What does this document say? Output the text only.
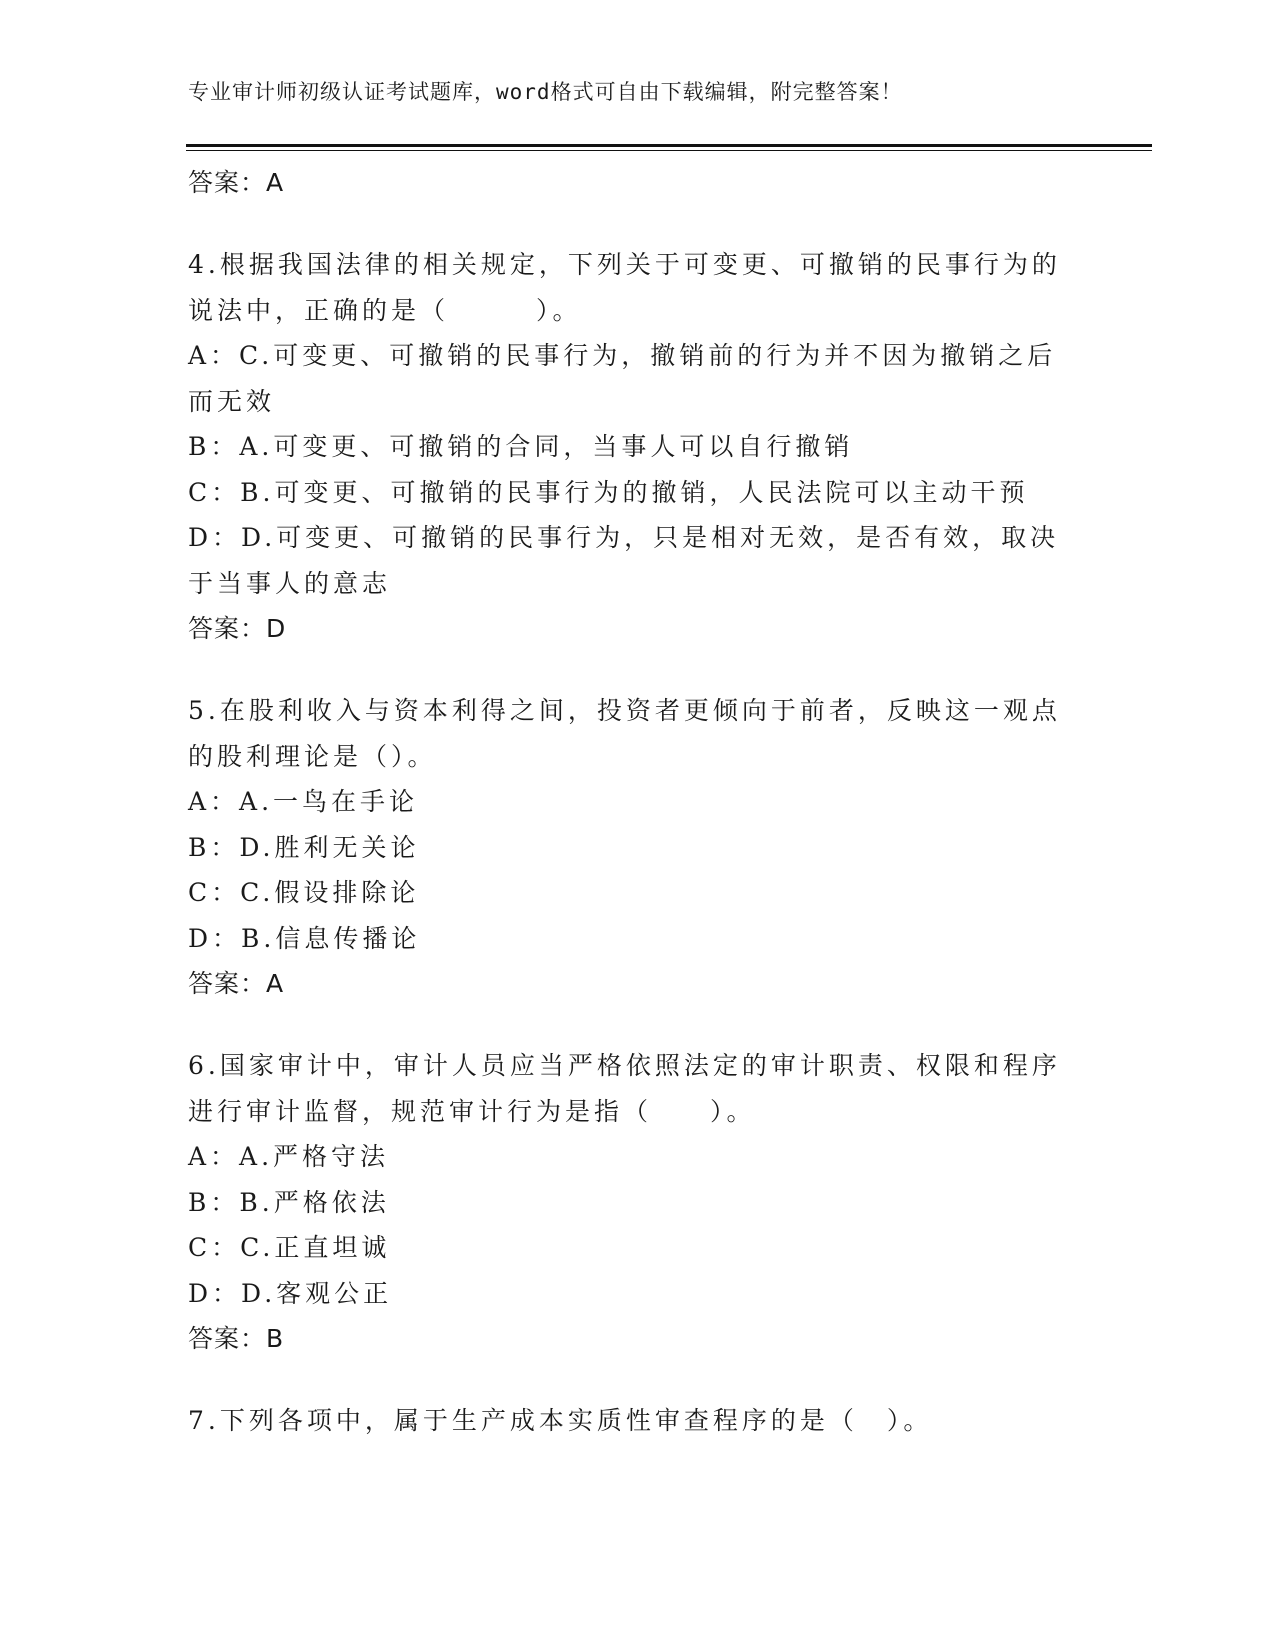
专业审计师初级认证考试题库，word格式可自由下载编辑，附完整答案！
答案：A
4.根据我国法律的相关规定，下列关于可变更、可撤销的民事行为的说法中，正确的是（　　　）。
A：C.可变更、可撤销的民事行为，撤销前的行为并不因为撤销之后而无效
B：A.可变更、可撤销的合同，当事人可以自行撤销
C：B.可变更、可撤销的民事行为的撤销，人民法院可以主动干预
D：D.可变更、可撤销的民事行为，只是相对无效，是否有效，取决于当事人的意志
答案：D
5.在股利收入与资本利得之间，投资者更倾向于前者，反映这一观点的股利理论是（）。
A：A.一鸟在手论
B：D.胜利无关论
C：C.假设排除论
D：B.信息传播论
答案：A
6.国家审计中，审计人员应当严格依照法定的审计职责、权限和程序进行审计监督，规范审计行为是指（　　）。
A：A.严格守法
B：B.严格依法
C：C.正直坦诚
D：D.客观公正
答案：B
7.下列各项中，属于生产成本实质性审查程序的是（　）。
